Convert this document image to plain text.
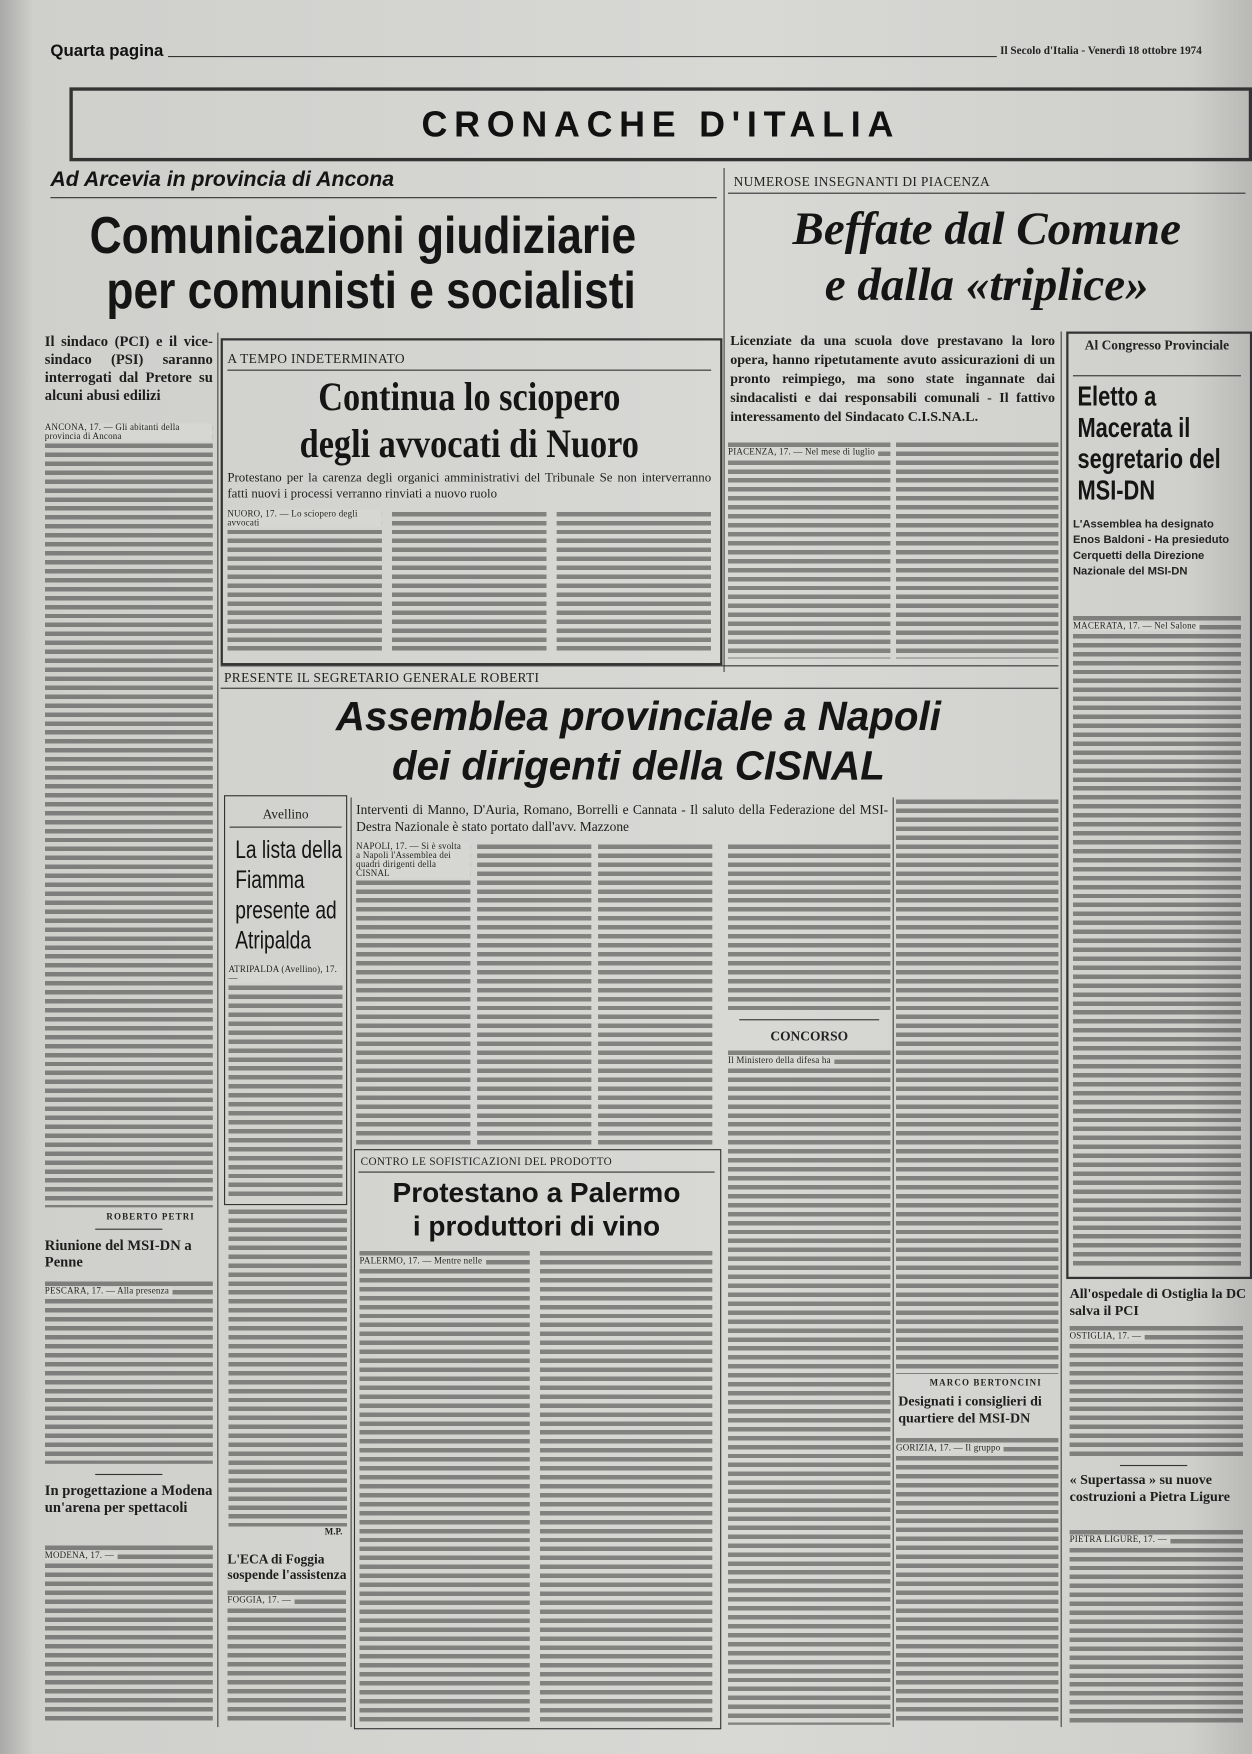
Quarta pagina	Il Secolo d'Italia - Venerdì 18 ottobre 1974
CRONACHE D'ITALIA
Ad Arcevia in provincia di Ancona
Comunicazioni giudiziarie
per comunisti e socialisti
Il sindaco (PCI) e il vice-sindaco (PSI) saranno interrogati dal Pretore su alcuni abusi edilizi
ANCONA, 17. — Gli abitanti della provincia di Ancona
ROBERTO PETRI
Riunione del MSI-DN a Penne
PESCARA, 17. — Alla presenza
In progettazione a Modena un'arena per spettacoli
MODENA, 17. —
A TEMPO INDETERMINATO
Continua lo sciopero
degli avvocati di Nuoro
Protestano per la carenza degli organici amministrativi del Tribunale Se non interverranno fatti nuovi i processi verranno rinviati a nuovo ruolo
NUORO, 17. — Lo sciopero degli avvocati
NUMEROSE INSEGNANTI DI PIACENZA
Beffate dal Comune
e dalla «triplice»
Licenziate da una scuola dove prestavano la loro opera, hanno ripetutamente avuto assicurazioni di un pronto reimpiego, ma sono state ingannate dai sindacalisti e dai responsabili comunali - Il fattivo interessamento del Sindacato C.I.S.NA.L.
PIACENZA, 17. — Nel mese di luglio
MARCO BERTONCINI
Al Congresso Provinciale
Eletto a Macerata il segretario del MSI-DN
L'Assemblea ha designato Enos Baldoni - Ha presieduto Cerquetti della Direzione Nazionale del MSI-DN
MACERATA, 17. — Nel Salone
PRESENTE IL SEGRETARIO GENERALE ROBERTI
Assemblea provinciale a Napoli
dei dirigenti della CISNAL
Interventi di Manno, D'Auria, Romano, Borrelli e Cannata - Il saluto della Federazione del MSI-Destra Nazionale è stato portato dall'avv. Mazzone
NAPOLI, 17. — Si è svolta a Napoli l'Assemblea dei quadri dirigenti della CISNAL
CONCORSO
Il Ministero della difesa ha
Avellino
La lista della Fiamma presente ad Atripalda
ATRIPALDA (Avellino), 17. —
M.P.
L'ECA di Foggia sospende l'assistenza
FOGGIA, 17. —
CONTRO LE SOFISTICAZIONI DEL PRODOTTO
Protestano a Palermo
i produttori di vino
PALERMO, 17. — Mentre nelle
Designati i consiglieri di quartiere del MSI-DN
GORIZIA, 17. — Il gruppo
All'ospedale di Ostiglia la DC salva il PCI
OSTIGLIA, 17. —
« Supertassa » su nuove costruzioni a Pietra Ligure
PIETRA LIGURE, 17. —
